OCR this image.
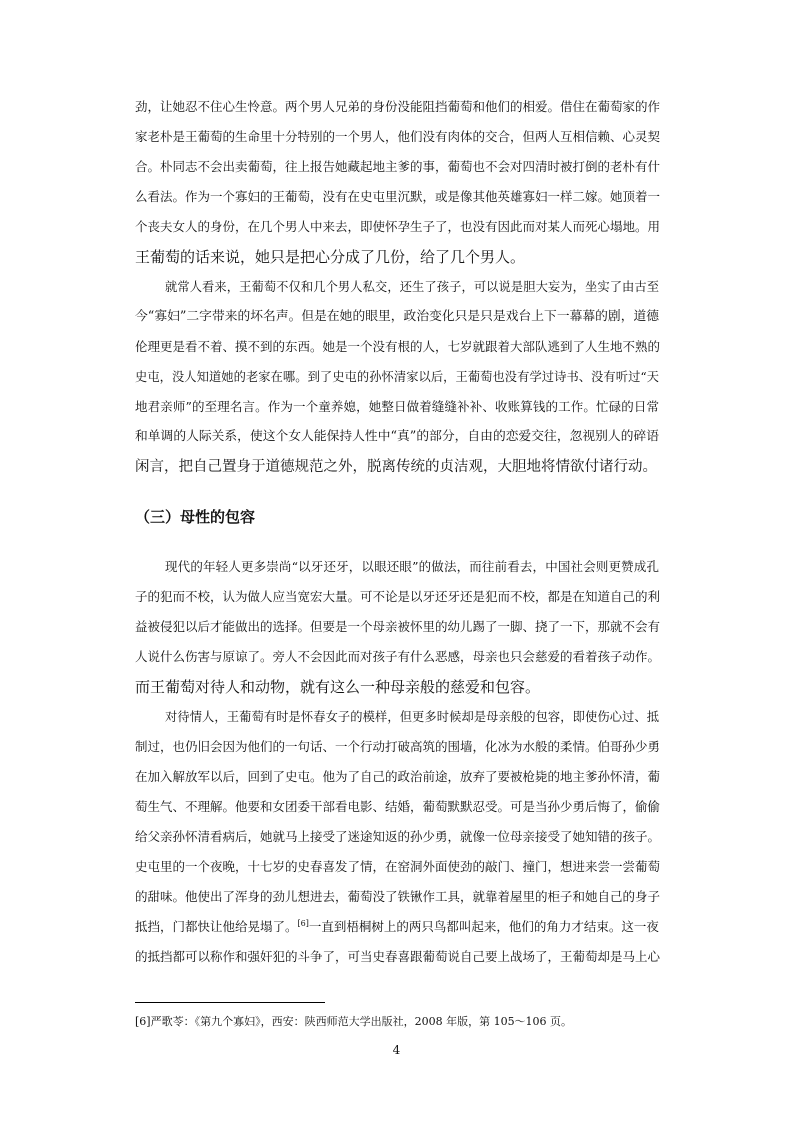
劲，让她忍不住心生怜意。两个男人兄弟的身份没能阻挡葡萄和他们的相爱。借住在葡萄家的作
家老朴是王葡萄的生命里十分特别的一个男人，他们没有肉体的交合，但两人互相信赖、心灵契
合。朴同志不会出卖葡萄，往上报告她藏起地主爹的事，葡萄也不会对四清时被打倒的老朴有什
么看法。作为一个寡妇的王葡萄，没有在史屯里沉默，或是像其他英雄寡妇一样二嫁。她顶着一
个丧夫女人的身份，在几个男人中来去，即使怀孕生子了，也没有因此而对某人而死心塌地。用
王葡萄的话来说，她只是把心分成了几份，给了几个男人。
就常人看来，王葡萄不仅和几个男人私交，还生了孩子，可以说是胆大妄为，坐实了由古至
今“寡妇”二字带来的坏名声。但是在她的眼里，政治变化只是只是戏台上下一幕幕的剧，道德
伦理更是看不着、摸不到的东西。她是一个没有根的人，七岁就跟着大部队逃到了人生地不熟的
史屯，没人知道她的老家在哪。到了史屯的孙怀清家以后，王葡萄也没有学过诗书、没有听过“天
地君亲师”的至理名言。作为一个童养媳，她整日做着缝缝补补、收账算钱的工作。忙碌的日常
和单调的人际关系，使这个女人能保持人性中“真”的部分，自由的恋爱交往，忽视别人的碎语
闲言，把自己置身于道德规范之外，脱离传统的贞洁观，大胆地将情欲付诸行动。
（三）母性的包容
现代的年轻人更多崇尚“以牙还牙，以眼还眼”的做法，而往前看去，中国社会则更赞成孔
子的犯而不校，认为做人应当宽宏大量。可不论是以牙还牙还是犯而不校，都是在知道自己的利
益被侵犯以后才能做出的选择。但要是一个母亲被怀里的幼儿踢了一脚、挠了一下，那就不会有
人说什么伤害与原谅了。旁人不会因此而对孩子有什么恶感，母亲也只会慈爱的看着孩子动作。
而王葡萄对待人和动物，就有这么一种母亲般的慈爱和包容。
对待情人，王葡萄有时是怀春女子的模样，但更多时候却是母亲般的包容，即使伤心过、抵
制过，也仍旧会因为他们的一句话、一个行动打破高筑的围墙，化冰为水般的柔情。伯哥孙少勇
在加入解放军以后，回到了史屯。他为了自己的政治前途，放弃了要被枪毙的地主爹孙怀清，葡
萄生气、不理解。他要和女团委干部看电影、结婚，葡萄默默忍受。可是当孙少勇后悔了，偷偷
给父亲孙怀清看病后，她就马上接受了迷途知返的孙少勇，就像一位母亲接受了她知错的孩子。
史屯里的一个夜晚，十七岁的史春喜发了情，在窑洞外面使劲的敲门、撞门，想进来尝一尝葡萄
的甜味。他使出了浑身的劲儿想进去，葡萄没了铁锹作工具，就靠着屋里的柜子和她自己的身子
抵挡，门都快让他给晃塌了。[6]一直到梧桐树上的两只鸟都叫起来，他们的角力才结束。这一夜
的抵挡都可以称作和强奸犯的斗争了，可当史春喜跟葡萄说自己要上战场了，王葡萄却是马上心
[6]严歌苓：《第九个寡妇》，西安：陕西师范大学出版社，2008 年版，第 105～106 页。
4
